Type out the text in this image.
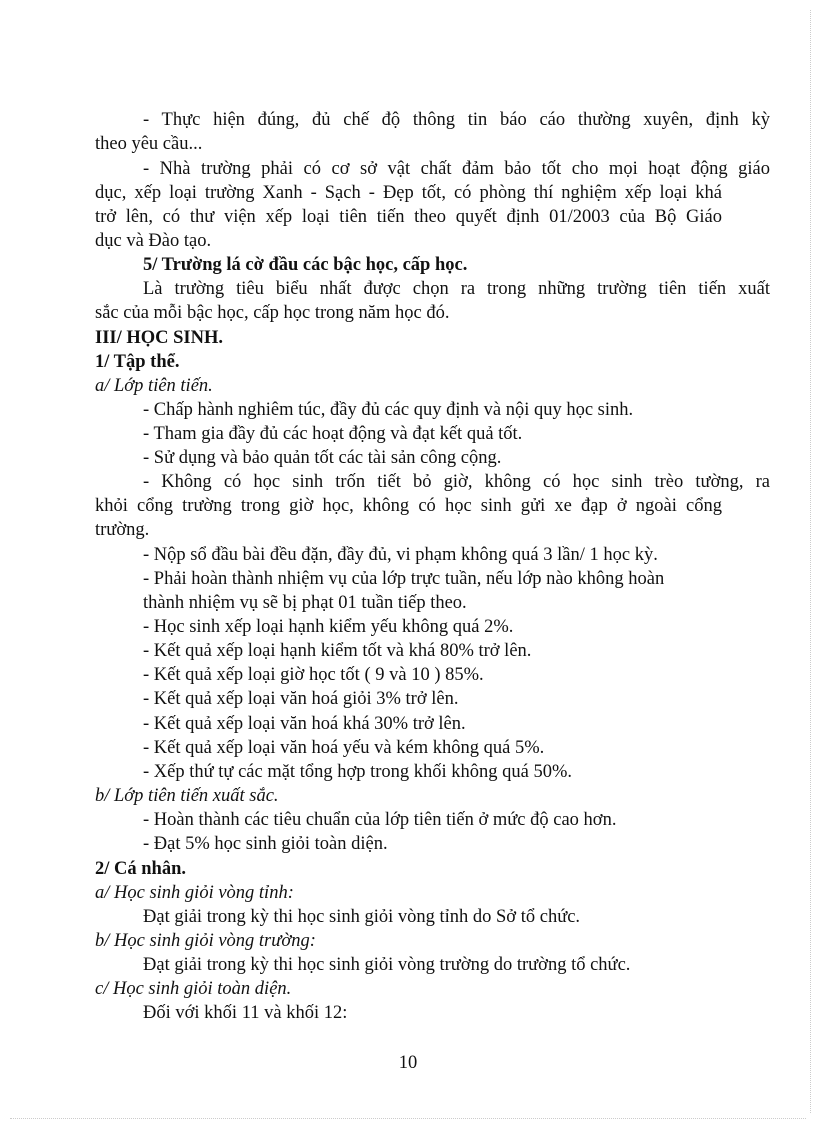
- Thực hiện đúng, đủ chế độ thông tin báo cáo thường xuyên, định kỳ
theo yêu cầu...
- Nhà trường phải có cơ sở vật chất đảm bảo tốt cho mọi hoạt động giáo
dục, xếp loại trường Xanh - Sạch - Đẹp tốt, có phòng thí nghiệm xếp loại khá
trở lên, có thư viện xếp loại tiên tiến theo quyết định 01/2003 của Bộ Giáo
dục và Đào tạo.
5/ Trường lá cờ đầu các bậc học, cấp học.
Là trường tiêu biểu nhất được chọn ra trong những trường tiên tiến xuất
sắc của mỗi bậc học, cấp học trong năm học đó.
III/ HỌC SINH.
1/ Tập thể.
a/ Lớp tiên tiến.
- Chấp hành nghiêm túc, đầy đủ các quy định và nội quy học sinh.
- Tham gia đầy đủ các hoạt động và đạt kết quả tốt.
- Sử dụng và bảo quản tốt các tài sản công cộng.
- Không có học sinh trốn tiết bỏ giờ, không có học sinh trèo tường, ra
khỏi cổng trường trong giờ học, không có học sinh gửi xe đạp ở ngoài cổng
trường.
- Nộp sổ đầu bài đều đặn, đầy đủ, vi phạm không quá 3 lần/ 1 học kỳ.
- Phải hoàn thành nhiệm vụ của lớp trực tuần, nếu lớp nào không hoàn
thành nhiệm vụ sẽ bị phạt 01 tuần tiếp theo.
- Học sinh xếp loại hạnh kiểm yếu không quá 2%.
- Kết quả xếp loại hạnh kiểm tốt và khá 80% trở lên.
- Kết quả xếp loại giờ học tốt ( 9 và 10 ) 85%.
- Kết quả xếp loại văn hoá giỏi 3% trở lên.
- Kết quả xếp loại văn hoá khá 30% trở lên.
- Kết quả xếp loại văn hoá yếu và kém không quá 5%.
- Xếp thứ tự các mặt tổng hợp trong khối không quá 50%.
b/ Lớp tiên tiến xuất sắc.
- Hoàn thành các tiêu chuẩn của lớp tiên tiến ở mức độ cao hơn.
- Đạt 5% học sinh giỏi toàn diện.
2/ Cá nhân.
a/ Học sinh giỏi vòng tỉnh:
Đạt giải trong kỳ thi học sinh giỏi vòng tỉnh do Sở tổ chức.
b/ Học sinh giỏi vòng trường:
Đạt giải trong kỳ thi học sinh giỏi vòng trường do trường tổ chức.
c/ Học sinh giỏi toàn diện.
Đối với khối 11 và khối 12:
10
